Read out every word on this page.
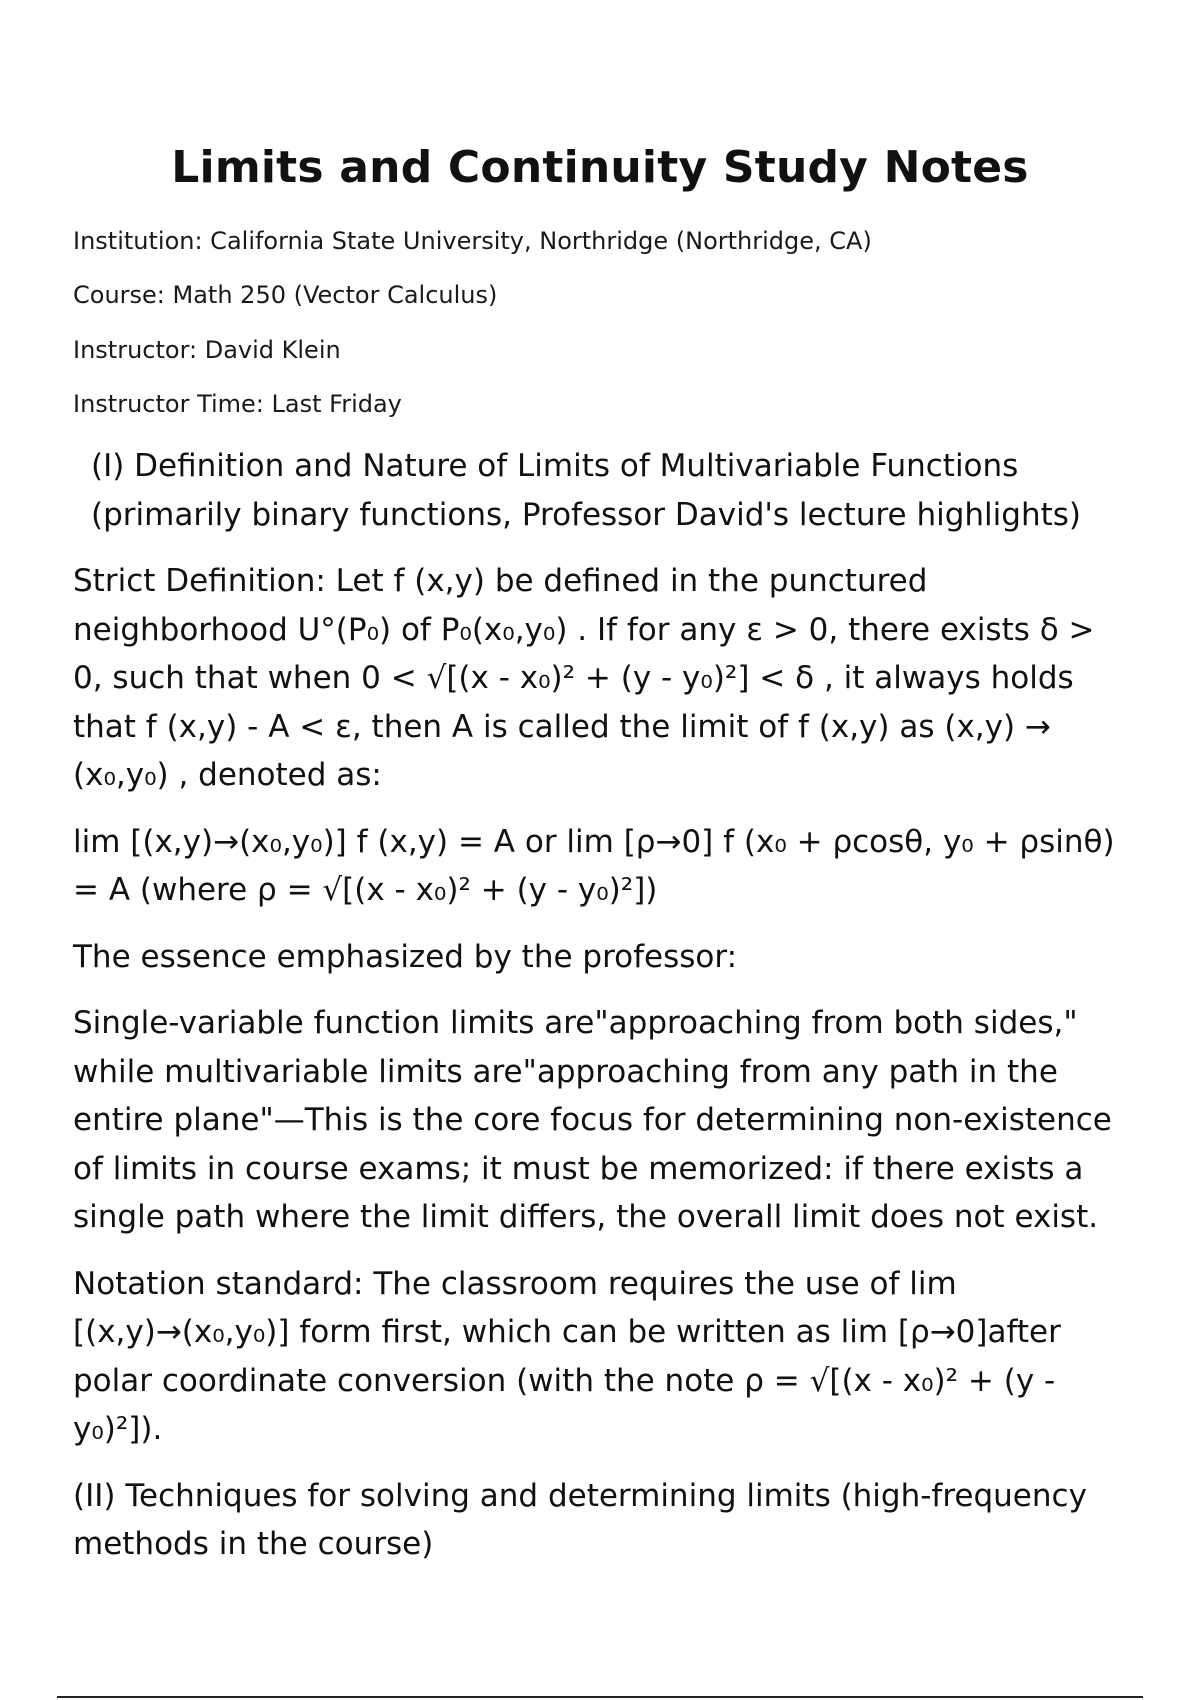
Limits and Continuity Study Notes
Institution: California State University, Northridge (Northridge, CA)
Course: Math 250 (Vector Calculus)
Instructor: David Klein
Instructor Time: Last Friday

(I) Definition and Nature of Limits of Multivariable Functions (primarily binary functions, Professor David's lecture highlights)

Strict Definition: Let f (x,y) be defined in the punctured neighborhood U°(P₀) of P₀(x₀,y₀) . If for any ε > 0, there exists δ > 0, such that when 0 < √[(x - x₀)² + (y - y₀)²] < δ , it always holds that f (x,y) - A < ε, then A is called the limit of f (x,y) as (x,y) → (x₀,y₀) , denoted as:

lim [(x,y)→(x₀,y₀)] f (x,y) = A or lim [ρ→0] f (x₀ + ρcosθ, y₀ + ρsinθ) = A (where ρ = √[(x - x₀)² + (y - y₀)²])

The essence emphasized by the professor:

Single-variable function limits are"approaching from both sides," while multivariable limits are"approaching from any path in the entire plane"—This is the core focus for determining non-existence of limits in course exams; it must be memorized: if there exists a single path where the limit differs, the overall limit does not exist.

Notation standard: The classroom requires the use of lim [(x,y)→(x₀,y₀)] form first, which can be written as lim [ρ→0]after polar coordinate conversion (with the note ρ = √[(x - x₀)² + (y - y₀)²]).

(II) Techniques for solving and determining limits (high-frequency methods in the course)
